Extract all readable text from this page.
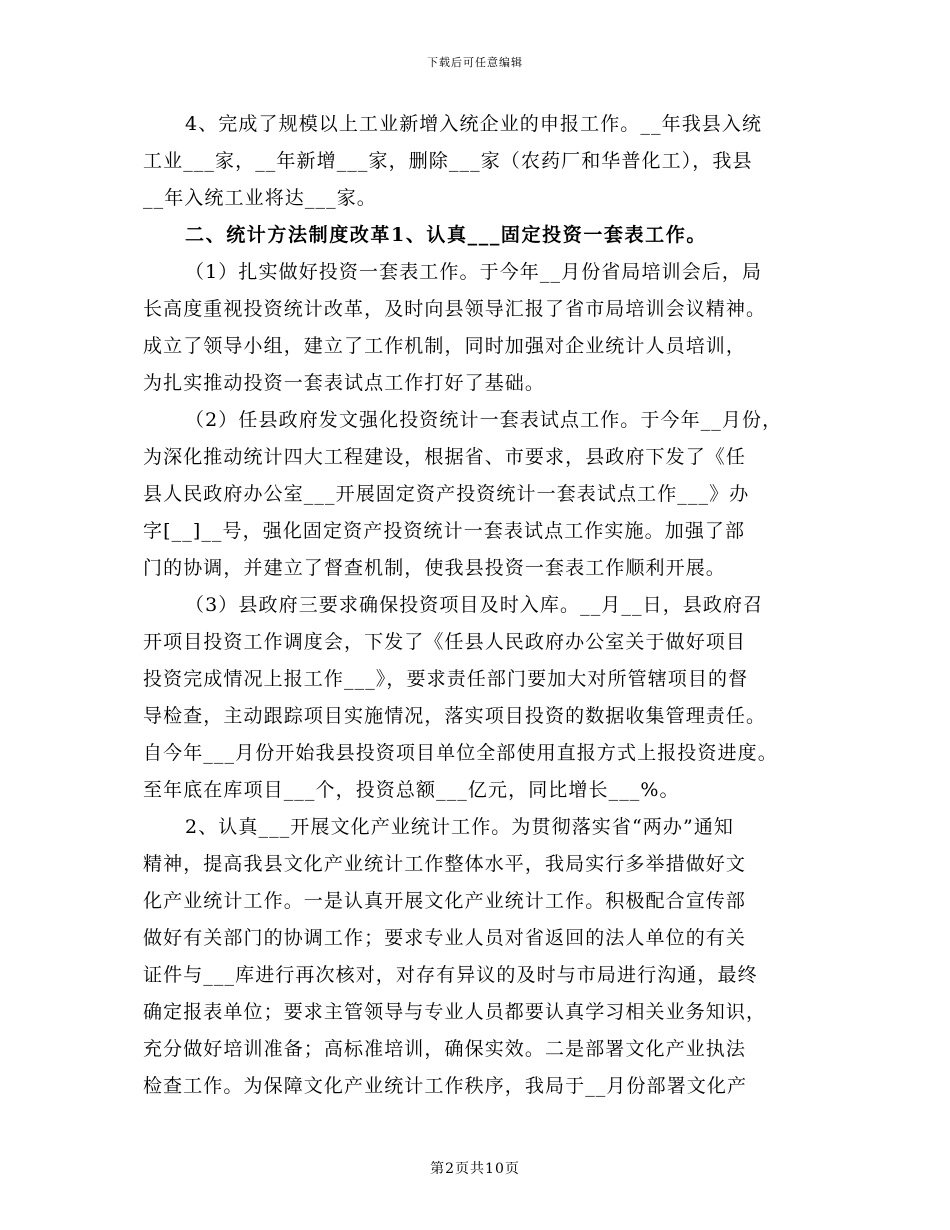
下载后可任意编辑

4、完成了规模以上工业新增入统企业的申报工作。__年我县入统
工业___家，__年新增___家，删除___家（农药厂和华普化工），我县
__年入统工业将达___家。

二、统计方法制度改革1、认真___固定投资一套表工作。

（1）扎实做好投资一套表工作。于今年__月份省局培训会后，局
长高度重视投资统计改革，及时向县领导汇报了省市局培训会议精神。
成立了领导小组，建立了工作机制，同时加强对企业统计人员培训，
为扎实推动投资一套表试点工作打好了基础。

（2）任县政府发文强化投资统计一套表试点工作。于今年__月份，
为深化推动统计四大工程建设，根据省、市要求，县政府下发了《任
县人民政府办公室___开展固定资产投资统计一套表试点工作___》办
字[__]__号，强化固定资产投资统计一套表试点工作实施。加强了部
门的协调，并建立了督查机制，使我县投资一套表工作顺利开展。

（3）县政府三要求确保投资项目及时入库。__月__日，县政府召
开项目投资工作调度会，下发了《任县人民政府办公室关于做好项目
投资完成情况上报工作___》，要求责任部门要加大对所管辖项目的督
导检查，主动跟踪项目实施情况，落实项目投资的数据收集管理责任。
自今年___月份开始我县投资项目单位全部使用直报方式上报投资进度。
至年底在库项目___个，投资总额___亿元，同比增长___%。

2、认真___开展文化产业统计工作。为贯彻落实省“两办”通知
精神，提高我县文化产业统计工作整体水平，我局实行多举措做好文
化产业统计工作。一是认真开展文化产业统计工作。积极配合宣传部
做好有关部门的协调工作；要求专业人员对省返回的法人单位的有关
证件与___库进行再次核对，对存有异议的及时与市局进行沟通，最终
确定报表单位；要求主管领导与专业人员都要认真学习相关业务知识，
充分做好培训准备；高标准培训，确保实效。二是部署文化产业执法
检查工作。为保障文化产业统计工作秩序，我局于__月份部署文化产

第2页共10页
